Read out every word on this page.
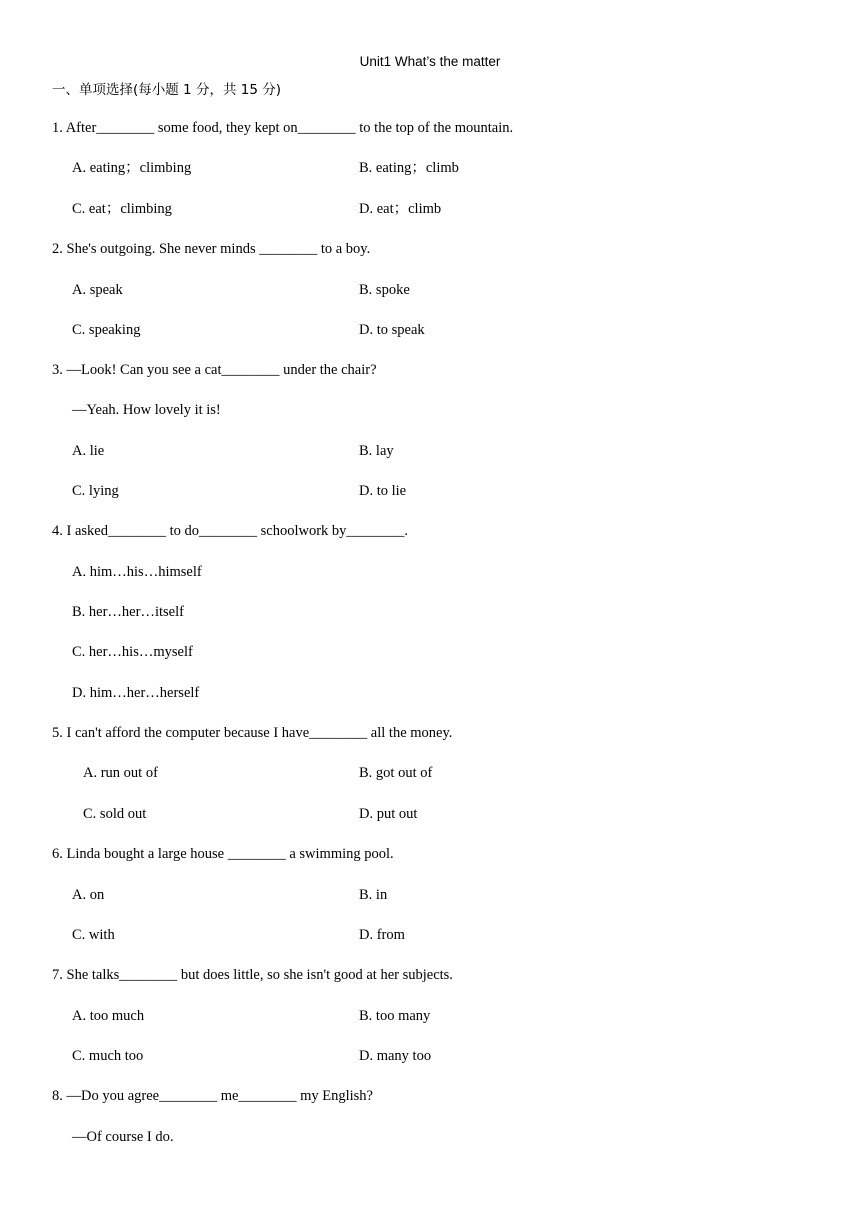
Unit1 What’s the matter
一、单项选择(每小题 1 分，共 15 分)
1. After________ some food, they kept on________ to the top of the mountain.
A. eating；climbing	B. eating；climb
C. eat；climbing	D. eat；climb
2. She's outgoing. She never minds ________ to a boy.
A. speak	B. spoke
C. speaking	D. to speak
3. —Look! Can you see a cat________ under the chair?
—Yeah. How lovely it is!
A. lie	B. lay
C. lying	D. to lie
4. I asked________ to do________ schoolwork by________.
A. him…his…himself
B. her…her…itself
C. her…his…myself
D. him…her…herself
5. I can't afford the computer because I have________ all the money.
A. run out of	B. got out of
C. sold out	D. put out
6. Linda bought a large house ________ a swimming pool.
A. on	B. in
C. with	D. from
7. She talks________ but does little, so she isn't good at her subjects.
A. too much	B. too many
C. much too	D. many too
8. —Do you agree________ me________ my English?
—Of course I do.
